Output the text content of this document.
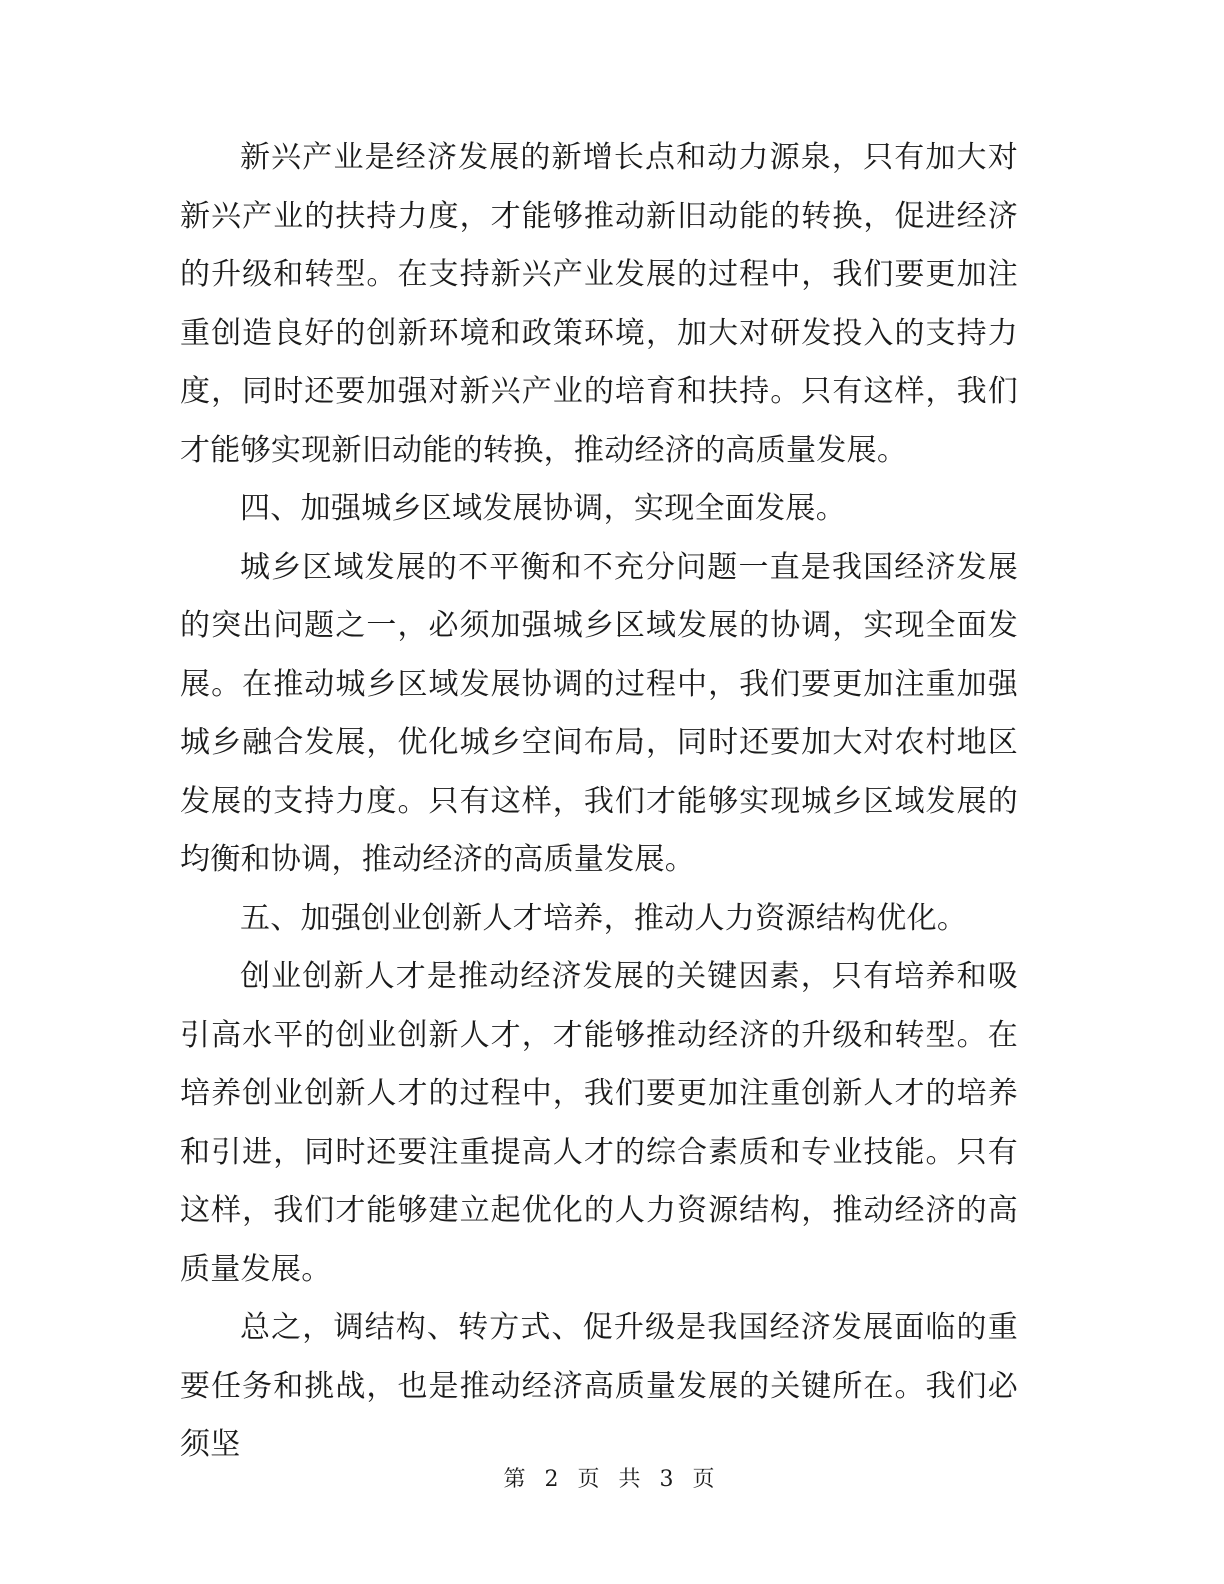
新兴产业是经济发展的新增长点和动力源泉，只有加大对新兴产业的扶持力度，才能够推动新旧动能的转换，促进经济的升级和转型。在支持新兴产业发展的过程中，我们要更加注重创造良好的创新环境和政策环境，加大对研发投入的支持力度，同时还要加强对新兴产业的培育和扶持。只有这样，我们才能够实现新旧动能的转换，推动经济的高质量发展。

四、加强城乡区域发展协调，实现全面发展。

城乡区域发展的不平衡和不充分问题一直是我国经济发展的突出问题之一，必须加强城乡区域发展的协调，实现全面发展。在推动城乡区域发展协调的过程中，我们要更加注重加强城乡融合发展，优化城乡空间布局，同时还要加大对农村地区发展的支持力度。只有这样，我们才能够实现城乡区域发展的均衡和协调，推动经济的高质量发展。

五、加强创业创新人才培养，推动人力资源结构优化。

创业创新人才是推动经济发展的关键因素，只有培养和吸引高水平的创业创新人才，才能够推动经济的升级和转型。在培养创业创新人才的过程中，我们要更加注重创新人才的培养和引进，同时还要注重提高人才的综合素质和专业技能。只有这样，我们才能够建立起优化的人力资源结构，推动经济的高质量发展。

总之，调结构、转方式、促升级是我国经济发展面临的重要任务和挑战，也是推动经济高质量发展的关键所在。我们必须坚

第 2 页 共 3 页
